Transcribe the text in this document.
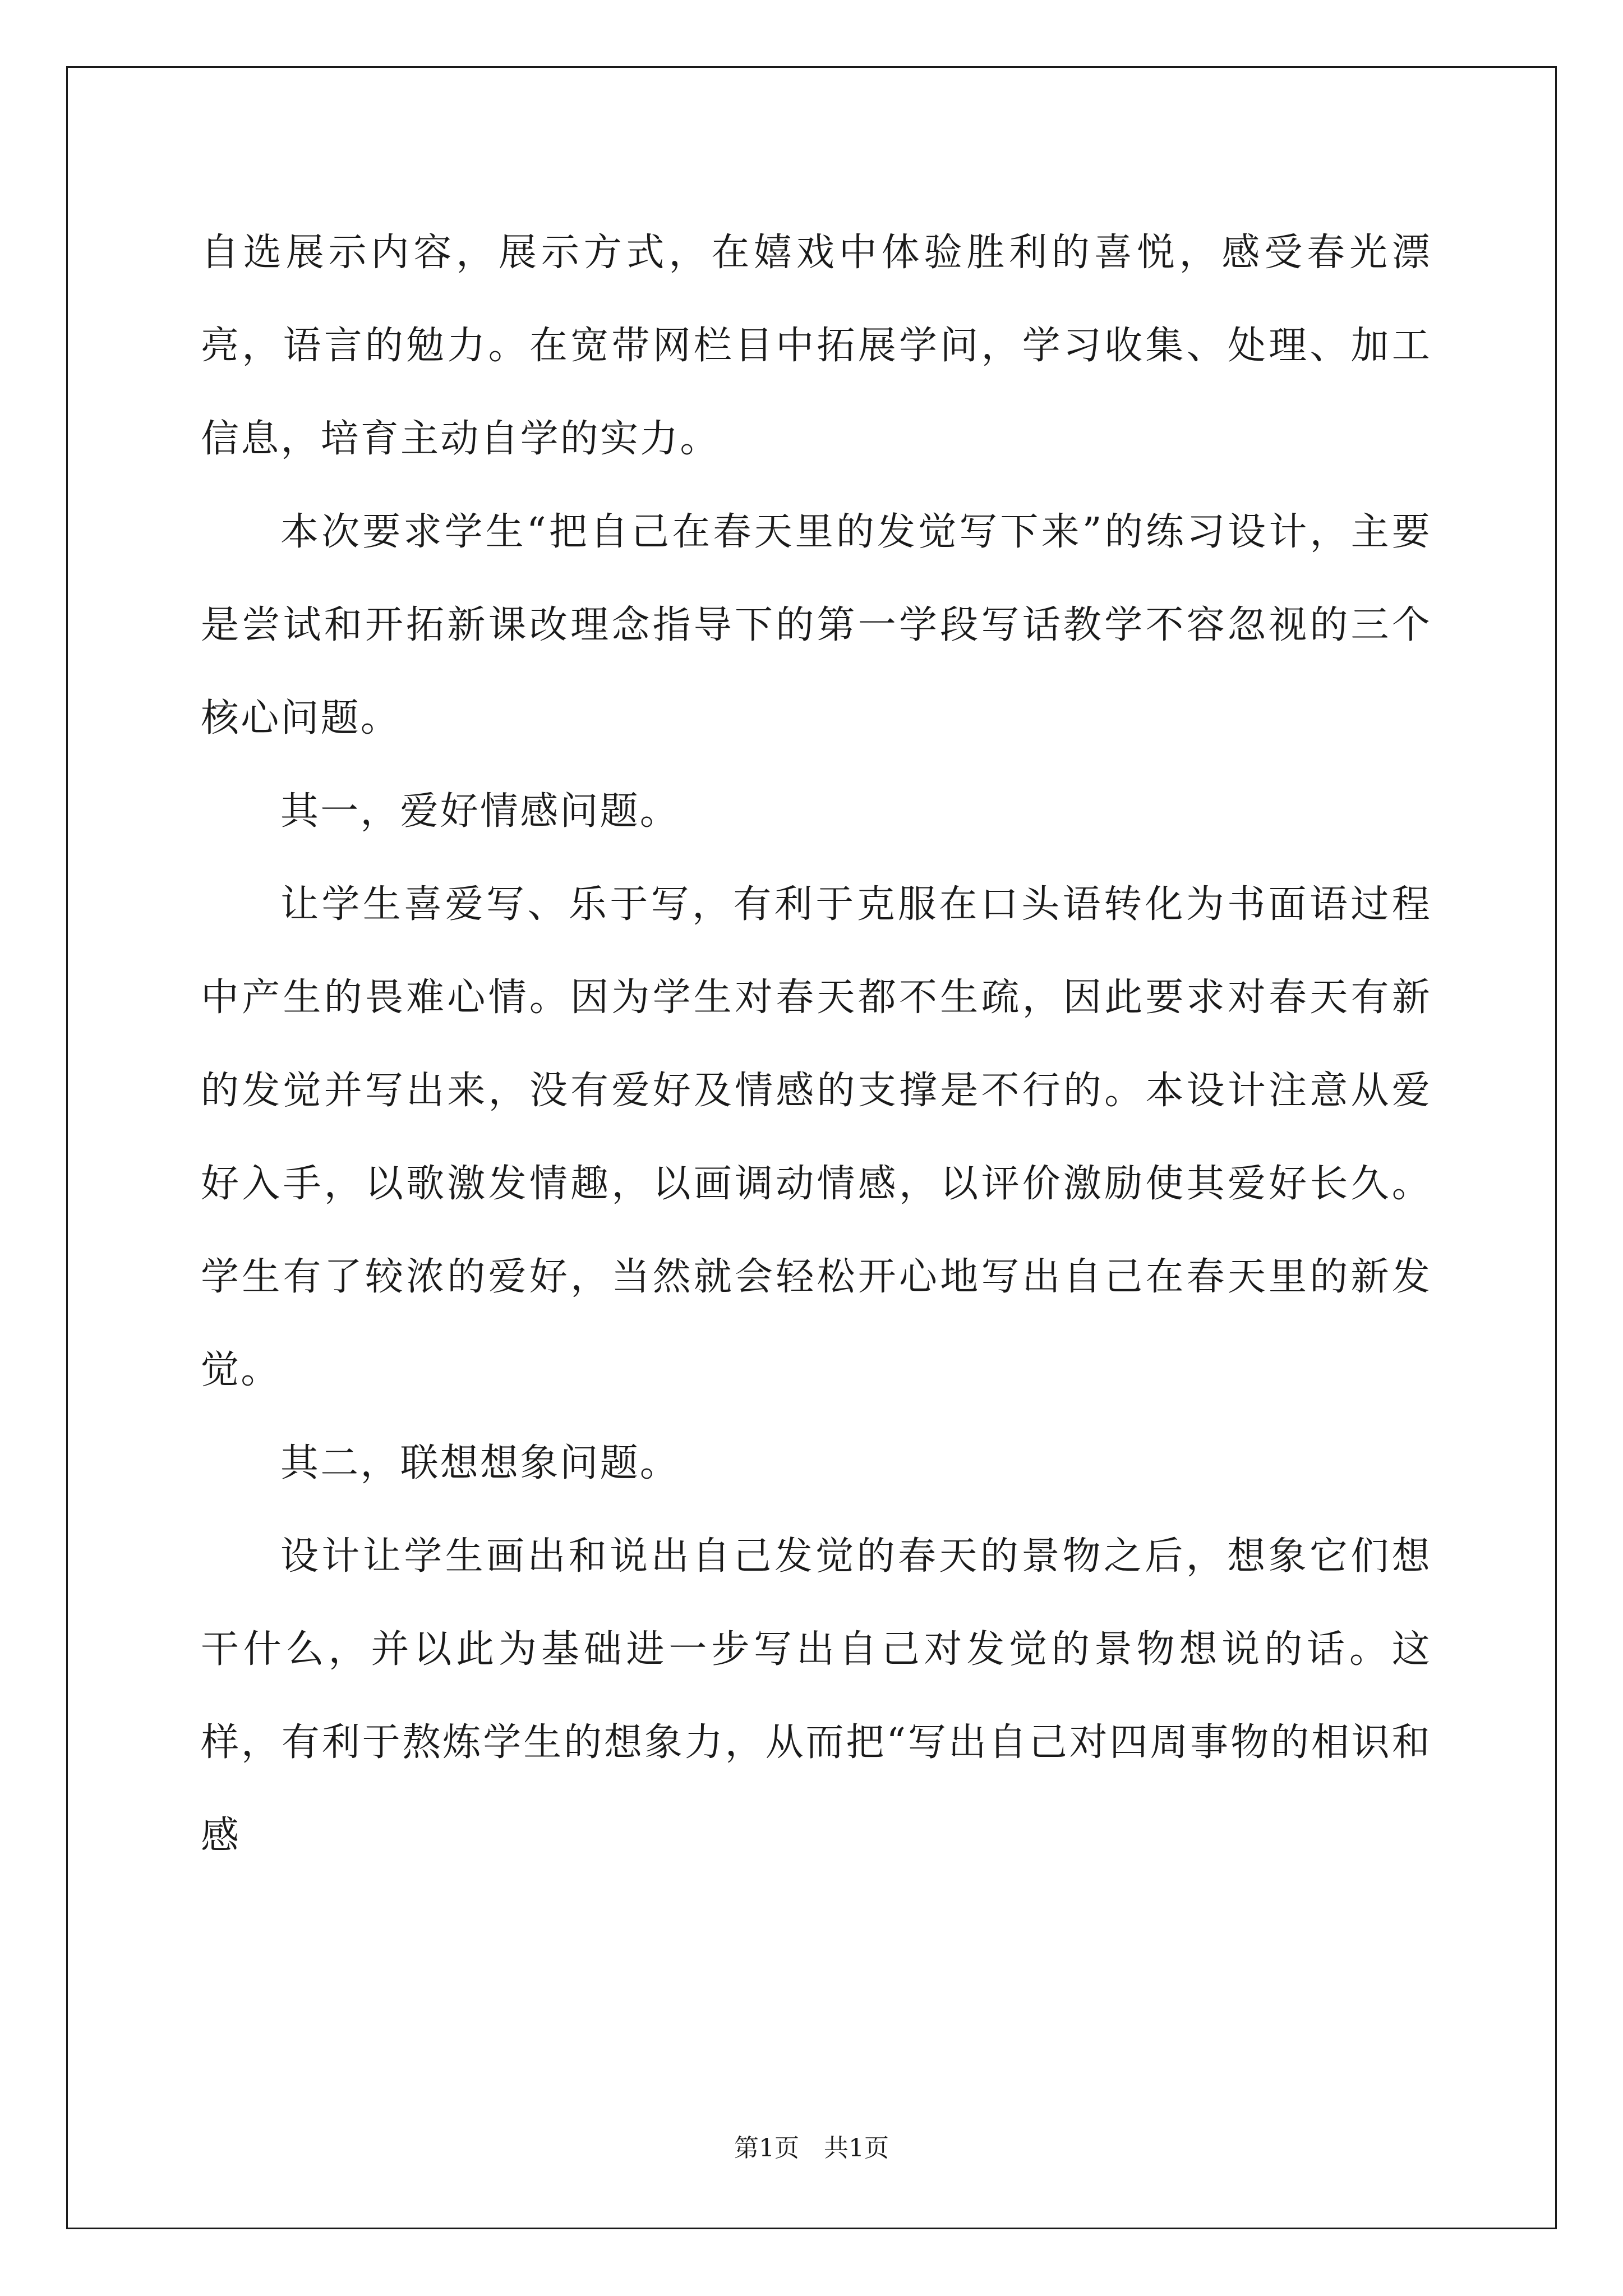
自选展示内容，展示方式，在嬉戏中体验胜利的喜悦，感受春光漂亮，语言的勉力。在宽带网栏目中拓展学问，学习收集、处理、加工信息，培育主动自学的实力。

本次要求学生“把自己在春天里的发觉写下来”的练习设计，主要是尝试和开拓新课改理念指导下的第一学段写话教学不容忽视的三个核心问题。

其一，爱好情感问题。

让学生喜爱写、乐于写，有利于克服在口头语转化为书面语过程中产生的畏难心情。因为学生对春天都不生疏，因此要求对春天有新的发觉并写出来，没有爱好及情感的支撑是不行的。本设计注意从爱好入手，以歌激发情趣，以画调动情感，以评价激励使其爱好长久。学生有了较浓的爱好，当然就会轻松开心地写出自己在春天里的新发觉。

其二，联想想象问题。

设计让学生画出和说出自己发觉的春天的景物之后，想象它们想干什么，并以此为基础进一步写出自己对发觉的景物想说的话。这样，有利于熬炼学生的想象力，从而把“写出自己对四周事物的相识和感

第1页 共1页
